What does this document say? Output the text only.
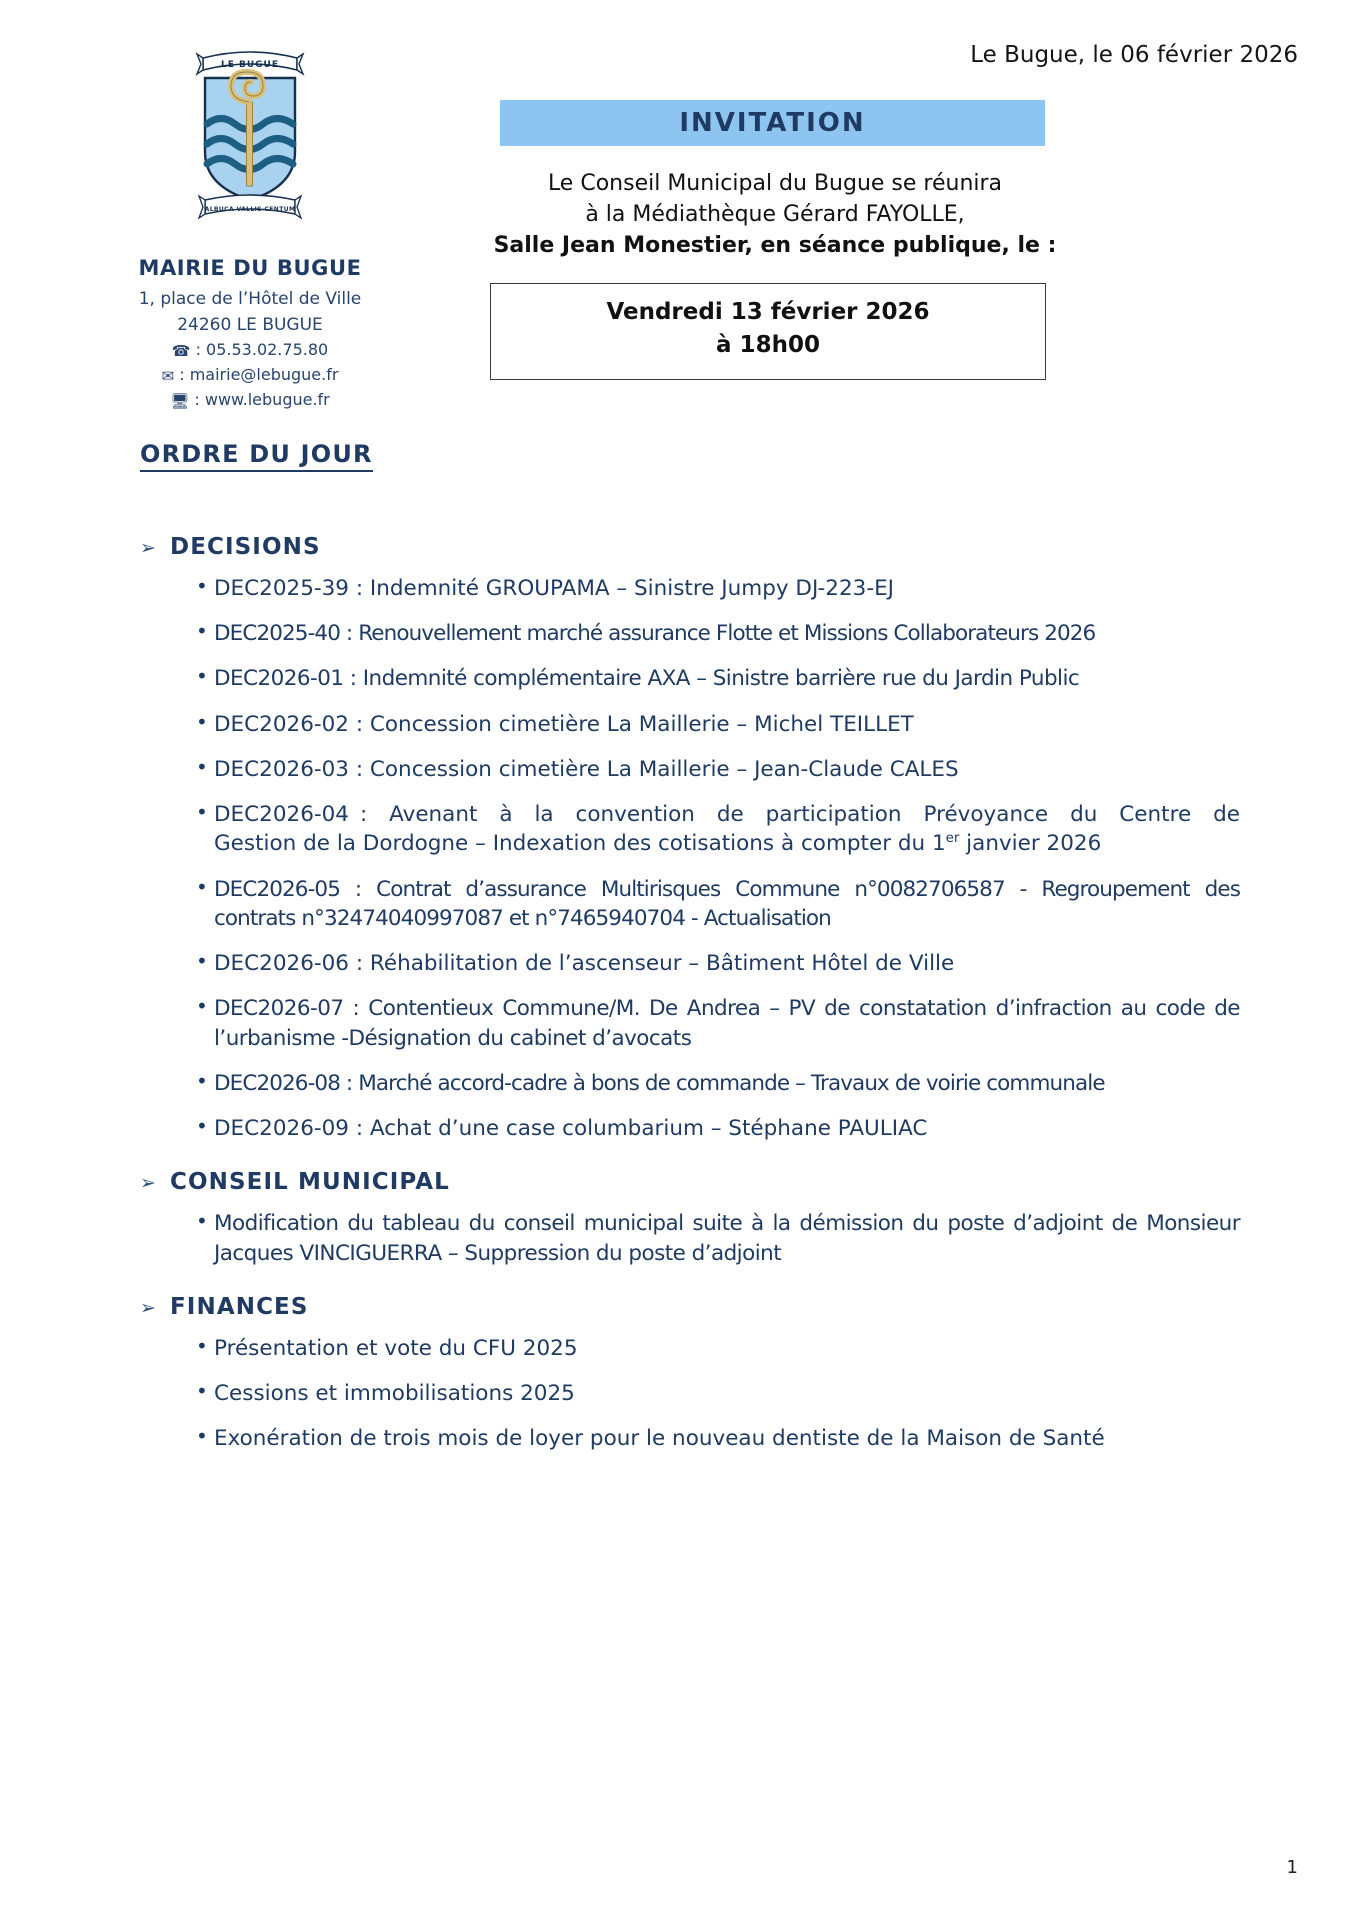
LE BUGUE
ALBUCA VALLIS CENTUM
MAIRIE DU BUGUE
1, place de l’Hôtel de Ville
24260 LE BUGUE
☎ : 05.53.02.75.80
✉ : mairie@lebugue.fr
🖥 : www.lebugue.fr
Le Bugue, le 06 février 2026
INVITATION
Le Conseil Municipal du Bugue se réunira
à la Médiathèque Gérard FAYOLLE,
Salle Jean Monestier, en séance publique, le :
Vendredi 13 février 2026
à 18h00
ORDRE DU JOUR
➢ DECISIONS
• DEC2025-39 : Indemnité GROUPAMA – Sinistre Jumpy DJ-223-EJ
• DEC2025-40 : Renouvellement marché assurance Flotte et Missions Collaborateurs 2026
• DEC2026-01 : Indemnité complémentaire AXA – Sinistre barrière rue du Jardin Public
• DEC2026-02 : Concession cimetière La Maillerie – Michel TEILLET
• DEC2026-03 : Concession cimetière La Maillerie – Jean-Claude CALES
• DEC2026-04 :  Avenant  à  la  convention  de  participation  Prévoyance  du  Centre  de Gestion de la Dordogne – Indexation des cotisations à compter du 1er janvier 2026
• DEC2026-05 : Contrat d’assurance Multirisques Commune n°0082706587 - Regroupement des contrats n°32474040997087 et n°7465940704 - Actualisation
• DEC2026-06 : Réhabilitation de l’ascenseur – Bâtiment Hôtel de Ville
• DEC2026-07 : Contentieux Commune/M. De Andrea – PV de constatation d’infraction au code de l’urbanisme -Désignation du cabinet d’avocats
• DEC2026-08 : Marché accord-cadre à bons de commande – Travaux de voirie communale
• DEC2026-09 : Achat d’une case columbarium – Stéphane PAULIAC
➢ CONSEIL MUNICIPAL
• Modification du tableau du conseil municipal suite à la démission du poste d’adjoint de Monsieur Jacques VINCIGUERRA – Suppression du poste d’adjoint
➢ FINANCES
• Présentation et vote du CFU 2025
• Cessions et immobilisations 2025
• Exonération de trois mois de loyer pour le nouveau dentiste de la Maison de Santé
1
